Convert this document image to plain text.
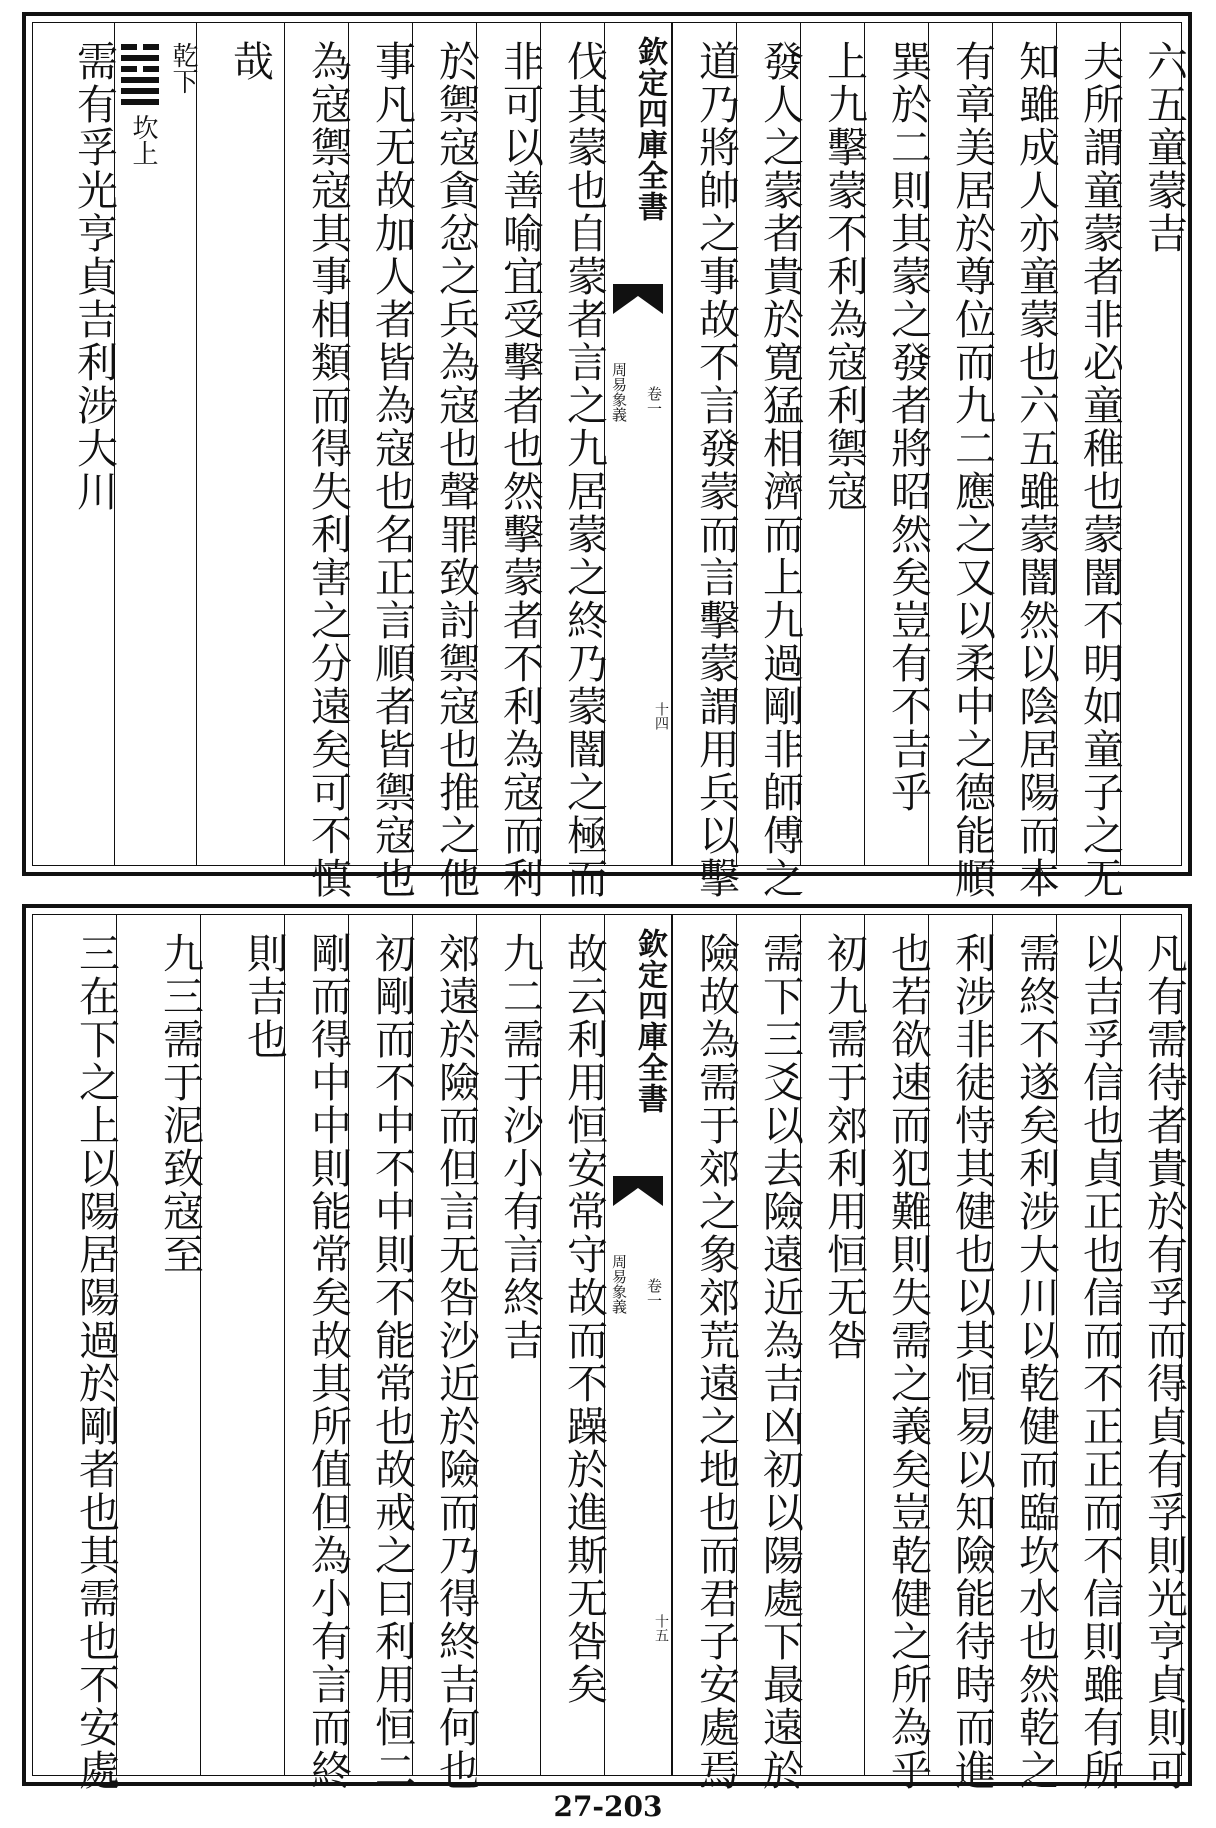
六五童蒙吉
夫所謂童蒙者非必童稚也蒙闇不明如童子之无
知雖成人亦童蒙也六五雖蒙闇然以陰居陽而本
有章美居於尊位而九二應之又以柔中之德能順
巽於二則其蒙之發者將昭然矣豈有不吉乎
上九擊蒙不利為寇利禦寇
發人之蒙者貴於寛猛相濟而上九過剛非師傅之
道乃將帥之事故不言發蒙而言擊蒙謂用兵以擊
欽定四庫全書
周易象義 卷一
十四
伐其蒙也自蒙者言之九居蒙之終乃蒙闇之極而
非可以善喻宜受擊者也然擊蒙者不利為寇而利
於禦寇貪忿之兵為寇也聲罪致討禦寇也推之他
事凡无故加人者皆為寇也名正言順者皆禦寇也
為寇禦寇其事相類而得失利害之分遠矣可不慎
哉
乾下
坎上
需有孚光亨貞吉利涉大川
凡有需待者貴於有孚而得貞有孚則光亨貞則可
以吉孚信也貞正也信而不正正而不信則雖有所
需終不遂矣利涉大川以乾健而臨坎水也然乾之
利涉非徒恃其健也以其恒易以知險能待時而進
也若欲速而犯難則失需之義矣豈乾健之所為乎
初九需于郊利用恒无咎
需下三爻以去險遠近為吉凶初以陽處下最遠於
險故為需于郊之象郊荒遠之地也而君子安處焉
欽定四庫全書
周易象義 卷一
十五
故云利用恒安常守故而不躁於進斯无咎矣
九二需于沙小有言終吉
郊遠於險而但言无咎沙近於險而乃得終吉何也
初剛而不中不中則不能常也故戒之曰利用恒二
剛而得中中則能常矣故其所值但為小有言而終
則吉也
九三需于泥致寇至
三在下之上以陽居陽過於剛者也其需也不安處
27-203
